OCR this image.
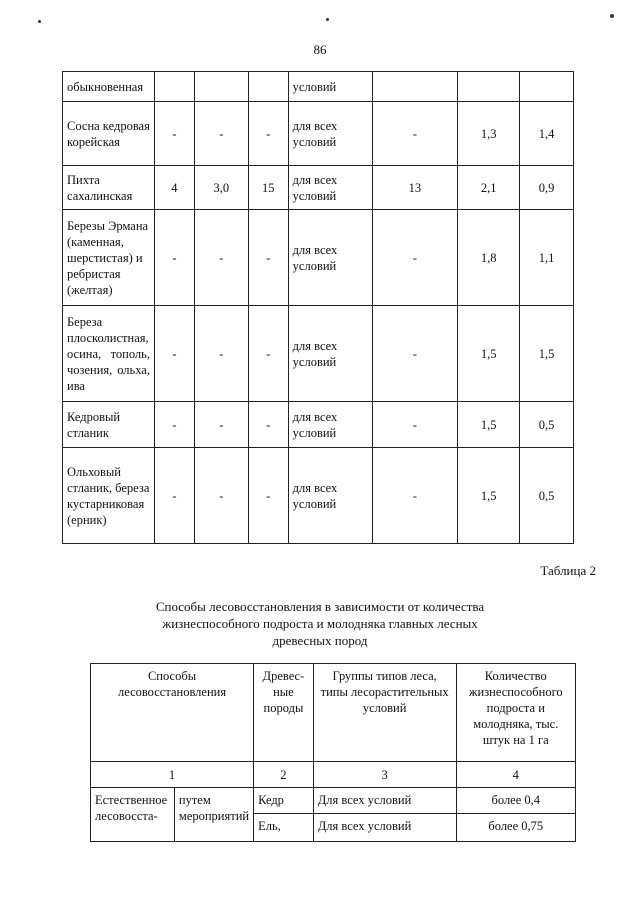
86
обыкновенная				условий			
Сосна кедровая корейская	-	-	-	для всех условий	-	1,3	1,4
Пихта сахалинская	4	3,0	15	для всех условий	13	2,1	0,9
Березы Эрмана (каменная, шерстистая) и ребристая (желтая)	-	-	-	для всех условий	-	1,8	1,1
Береза плосколистная, осина, тополь, чозения, ольха, ива	-	-	-	для всех условий	-	1,5	1,5
Кедровый стланик	-	-	-	для всех условий	-	1,5	0,5
Ольховый стланик, береза кустарниковая (ерник)	-	-	-	для всех условий	-	1,5	0,5
Таблица 2
Способы лесовосстановления в зависимости от количества
жизнеспособного подроста и молодняка главных лесных
древесных пород
Способы лесовосстановления		Древес-ные породы	Группы типов леса, типы лесорастительных условий	Количество жизнеспособного подроста и молодняка, тыс. штук на 1 га
1		2	3	4
Естественное лесовосста-	путем мероприятий	Кедр	Для всех условий	более 0,4
		Ель,	Для всех условий	более 0,75
